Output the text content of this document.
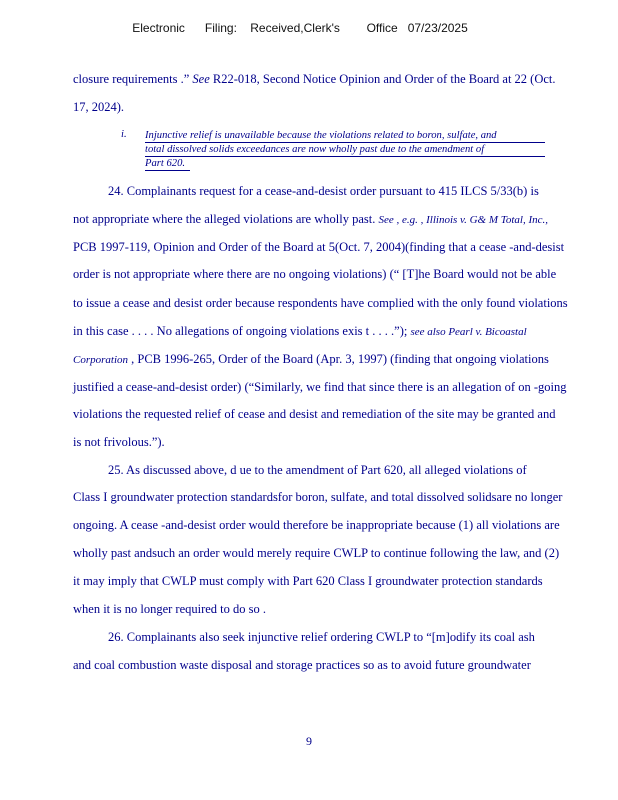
Electronic      Filing:    Received,Clerk's        Office   07/23/2025
closure requirements .” See R22-018, Second Notice Opinion and Order of the Board at 22 (Oct.
17, 2024).
i. Injunctive relief is unavailable because the violations related to boron, sulfate, and
total dissolved solids exceedances are now wholly past due to the amendment of
Part 620.
24. Complainants request for a cease-and-desist order pursuant to 415 ILCS 5/33(b) is
not appropriate where the alleged violations are wholly past. See , e.g. , Illinois v. G& M Total, Inc.,
PCB 1997-119, Opinion and Order of the Board at 5(Oct. 7, 2004)(finding that a cease -and-desist
order is not appropriate where there are no ongoing violations) (“ [T]he Board would not be able
to issue a cease and desist order because respondents have complied with the only found violations
in this case . . . . No allegations of ongoing violations exis t . . . .”); see also Pearl v. Bicoastal
Corporation , PCB 1996-265, Order of the Board (Apr. 3, 1997) (finding that ongoing violations
justified a cease-and-desist order) (“Similarly, we find that since there is an allegation of on -going
violations the requested relief of cease and desist and remediation of the site may be granted and
is not frivolous.”).
25. As discussed above, d ue to the amendment of Part 620, all alleged violations of
Class I groundwater protection standardsfor boron, sulfate, and total dissolved solidsare no longer
ongoing. A cease -and-desist order would therefore be inappropriate because (1) all violations are
wholly past andsuch an order would merely require CWLP to continue following the law, and (2)
it may imply that CWLP must comply with Part 620 Class I groundwater protection standards
when it is no longer required to do so .
26. Complainants also seek injunctive relief ordering CWLP to “[m]odify its coal ash
and coal combustion waste disposal and storage practices so as to avoid future groundwater
9
